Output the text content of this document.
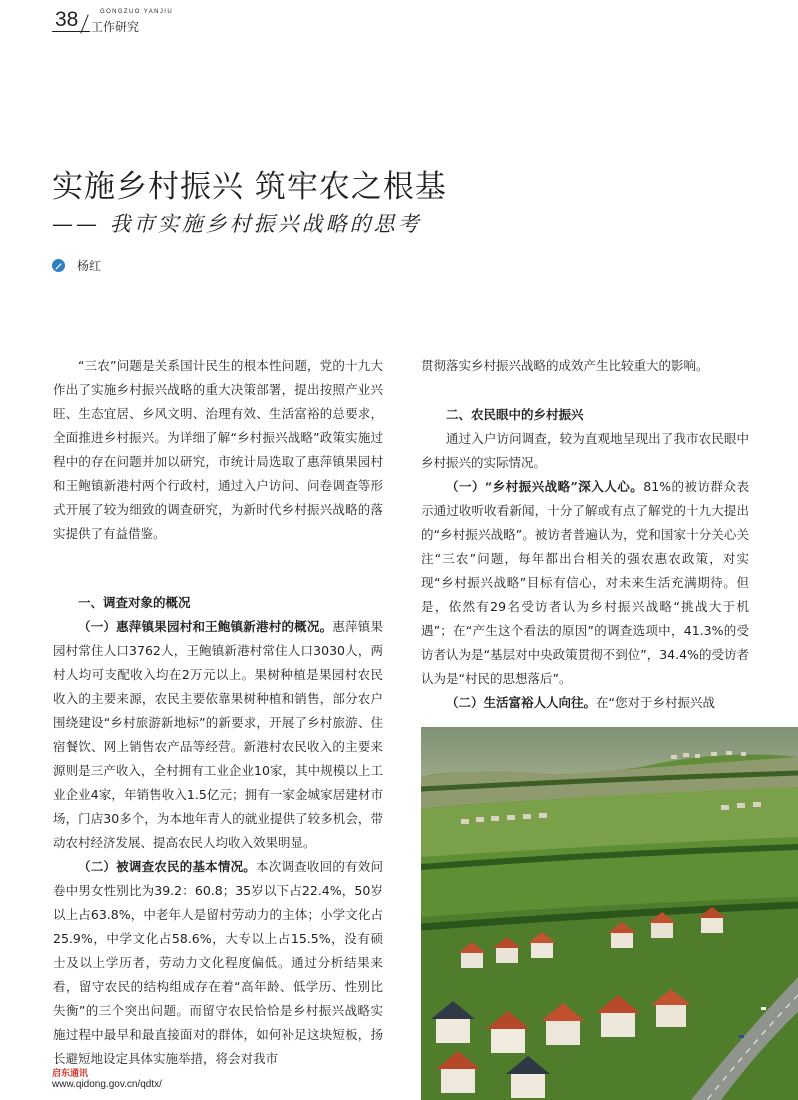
38	GONGZUO YANJIU
工作研究
实施乡村振兴 筑牢农之根基
—— 我市实施乡村振兴战略的思考
杨红

“三农”问题是关系国计民生的根本性问题，党的十九大作出了实施乡村振兴战略的重大决策部署，提出按照产业兴旺、生态宜居、乡风文明、治理有效、生活富裕的总要求，全面推进乡村振兴。为详细了解“乡村振兴战略”政策实施过程中的存在问题并加以研究，市统计局选取了惠萍镇果园村和王鲍镇新港村两个行政村，通过入户访问、问卷调查等形式开展了较为细致的调查研究，为新时代乡村振兴战略的落实提供了有益借鉴。

一、调查对象的概况

（一）惠萍镇果园村和王鲍镇新港村的概况。惠萍镇果园村常住人口3762人，王鲍镇新港村常住人口3030人，两村人均可支配收入均在2万元以上。果树种植是果园村农民收入的主要来源，农民主要依靠果树种植和销售，部分农户围绕建设“乡村旅游新地标”的新要求，开展了乡村旅游、住宿餐饮、网上销售农产品等经营。新港村农民收入的主要来源则是三产收入，全村拥有工业企业10家，其中规模以上工业企业4家，年销售收入1.5亿元；拥有一家金城家居建材市场，门店30多个，为本地年青人的就业提供了较多机会，带动农村经济发展、提高农民人均收入效果明显。

（二）被调查农民的基本情况。本次调查收回的有效问卷中男女性别比为39.2：60.8；35岁以下占22.4%，50岁以上占63.8%，中老年人是留村劳动力的主体；小学文化占25.9%，中学文化占58.6%，大专以上占15.5%，没有硕士及以上学历者，劳动力文化程度偏低。通过分析结果来看，留守农民的结构组成存在着“高年龄、低学历、性别比失衡”的三个突出问题。而留守农民恰恰是乡村振兴战略实施过程中最早和最直接面对的群体，如何补足这块短板，扬长避短地设定具体实施举措，将会对我市

贯彻落实乡村振兴战略的成效产生比较重大的影响。

二、农民眼中的乡村振兴

通过入户访问调查，较为直观地呈现出了我市农民眼中乡村振兴的实际情况。

（一）“乡村振兴战略”深入人心。81%的被访群众表示通过收听收看新闻，十分了解或有点了解党的十九大提出的“乡村振兴战略”。被访者普遍认为，党和国家十分关心关注“三农”问题，每年都出台相关的强农惠农政策，对实现“乡村振兴战略”目标有信心，对未来生活充满期待。但是，依然有29名受访者认为乡村振兴战略“挑战大于机遇”；在“产生这个看法的原因”的调查选项中，41.3%的受访者认为是“基层对中央政策贯彻不到位”，34.4%的受访者认为是“村民的思想落后”。

（二）生活富裕人人向往。在“您对于乡村振兴战

启东通讯
www.qidong.gov.cn/qdtx/
